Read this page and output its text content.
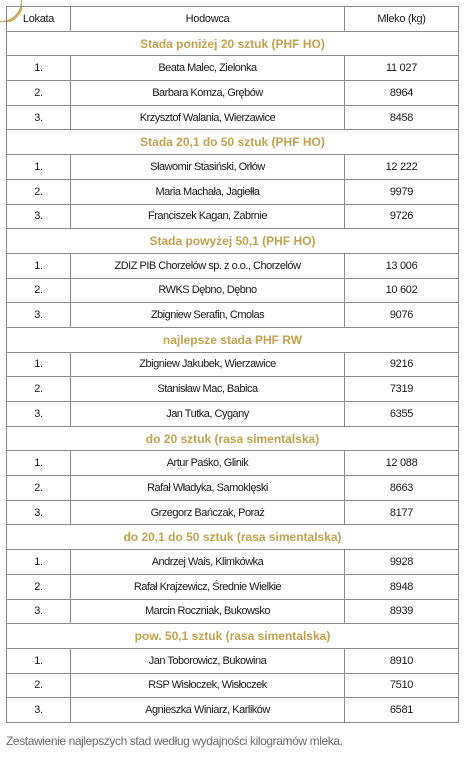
Lokata	Hodowca	Mleko (kg)
Stada poniżej 20 sztuk (PHF HO)		
1.	Beata Malec, Zielonka	11 027
2.	Barbara Komza, Grębów	8964
3.	Krzysztof Walania, Wierzawice	8458
Stada 20,1 do 50 sztuk (PHF HO)		
1.	Sławomir Stasiński, Orłów	12 222
2.	Maria Machała, Jagiełła	9979
3.	Franciszek Kagan, Zabrnie	9726
Stada powyżej 50,1 (PHF HO)		
1.	ZDIZ PIB Chorzelów sp. z o.o., Chorzelów	13 006
2.	RWKS Dębno, Dębno	10 602
3.	Zbigniew Serafin, Cmolas	9076
najlepsze stada PHF RW		
1.	Zbigniew Jakubek, Wierzawice	9216
2.	Stanisław Mac, Babica	7319
3.	Jan Tutka, Cygany	6355
do 20 sztuk (rasa simentalska)		
1.	Artur Paśko, Glinik	12 088
2.	Rafał Władyka, Samoklęski	8663
3.	Grzegorz Bańczak, Poraż	8177
do 20,1 do 50 sztuk (rasa simentalska)		
1.	Andrzej Wais, Klimkówka	9928
2.	Rafał Krajzewicz, Średnie Wielkie	8948
3.	Marcin Roczniak, Bukowsko	8939
pow. 50,1 sztuk (rasa simentalska)		
1.	Jan Toborowicz, Bukowina	8910
2.	RSP Wisłoczek, Wisłoczek	7510
3.	Agnieszka Winiarz, Karlików	6581
Zestawienie najlepszych stad według wydajności kilogramów mleka.
